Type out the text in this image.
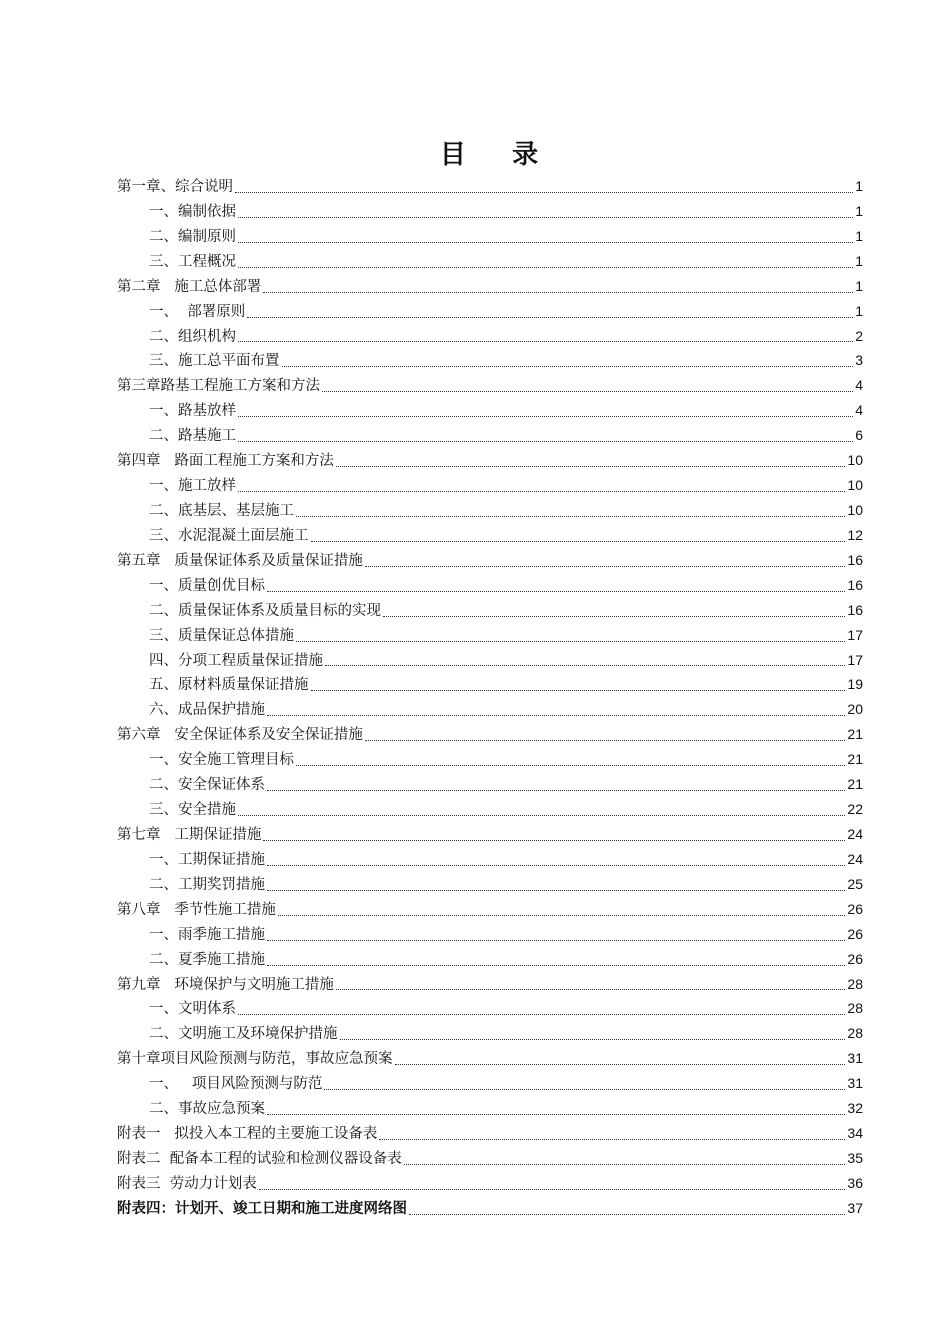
目    录
第一章、综合说明	1
一、编制依据	1
二、编制原则	1
三、工程概况	1
第二章   施工总体部署	1
一、  部署原则	1
二、组织机构	2
三、施工总平面布置	3
第三章路基工程施工方案和方法	4
一、路基放样	4
二、路基施工	6
第四章   路面工程施工方案和方法	10
一、施工放样	10
二、底基层、基层施工	10
三、水泥混凝土面层施工	12
第五章   质量保证体系及质量保证措施	16
一、质量创优目标	16
二、质量保证体系及质量目标的实现	16
三、质量保证总体措施	17
四、分项工程质量保证措施	17
五、原材料质量保证措施	19
六、成品保护措施	20
第六章   安全保证体系及安全保证措施	21
一、安全施工管理目标	21
二、安全保证体系	21
三、安全措施	22
第七章   工期保证措施	24
一、工期保证措施	24
二、工期奖罚措施	25
第八章   季节性施工措施	26
一、雨季施工措施	26
二、夏季施工措施	26
第九章   环境保护与文明施工措施	28
一、文明体系	28
二、文明施工及环境保护措施	28
第十章项目风险预测与防范，事故应急预案	31
一、   项目风险预测与防范	31
二、事故应急预案	32
附表一   拟投入本工程的主要施工设备表	34
附表二  配备本工程的试验和检测仪器设备表	35
附表三  劳动力计划表	36
附表四：计划开、竣工日期和施工进度网络图	37
